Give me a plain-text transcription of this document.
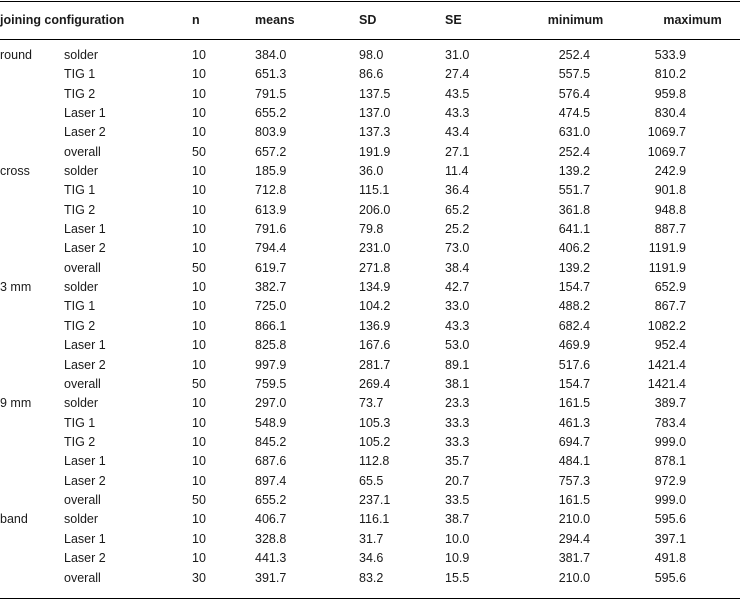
joining configuration		n	means	SD	SE	minimum	maximum
round	solder	10	384.0	98.0	31.0	252.4	533.9
	TIG 1	10	651.3	86.6	27.4	557.5	810.2
	TIG 2	10	791.5	137.5	43.5	576.4	959.8
	Laser 1	10	655.2	137.0	43.3	474.5	830.4
	Laser 2	10	803.9	137.3	43.4	631.0	1069.7
	overall	50	657.2	191.9	27.1	252.4	1069.7
cross	solder	10	185.9	36.0	11.4	139.2	242.9
	TIG 1	10	712.8	115.1	36.4	551.7	901.8
	TIG 2	10	613.9	206.0	65.2	361.8	948.8
	Laser 1	10	791.6	79.8	25.2	641.1	887.7
	Laser 2	10	794.4	231.0	73.0	406.2	1191.9
	overall	50	619.7	271.8	38.4	139.2	1191.9
3 mm	solder	10	382.7	134.9	42.7	154.7	652.9
	TIG 1	10	725.0	104.2	33.0	488.2	867.7
	TIG 2	10	866.1	136.9	43.3	682.4	1082.2
	Laser 1	10	825.8	167.6	53.0	469.9	952.4
	Laser 2	10	997.9	281.7	89.1	517.6	1421.4
	overall	50	759.5	269.4	38.1	154.7	1421.4
9 mm	solder	10	297.0	73.7	23.3	161.5	389.7
	TIG 1	10	548.9	105.3	33.3	461.3	783.4
	TIG 2	10	845.2	105.2	33.3	694.7	999.0
	Laser 1	10	687.6	112.8	35.7	484.1	878.1
	Laser 2	10	897.4	65.5	20.7	757.3	972.9
	overall	50	655.2	237.1	33.5	161.5	999.0
band	solder	10	406.7	116.1	38.7	210.0	595.6
	Laser 1	10	328.8	31.7	10.0	294.4	397.1
	Laser 2	10	441.3	34.6	10.9	381.7	491.8
	overall	30	391.7	83.2	15.5	210.0	595.6
